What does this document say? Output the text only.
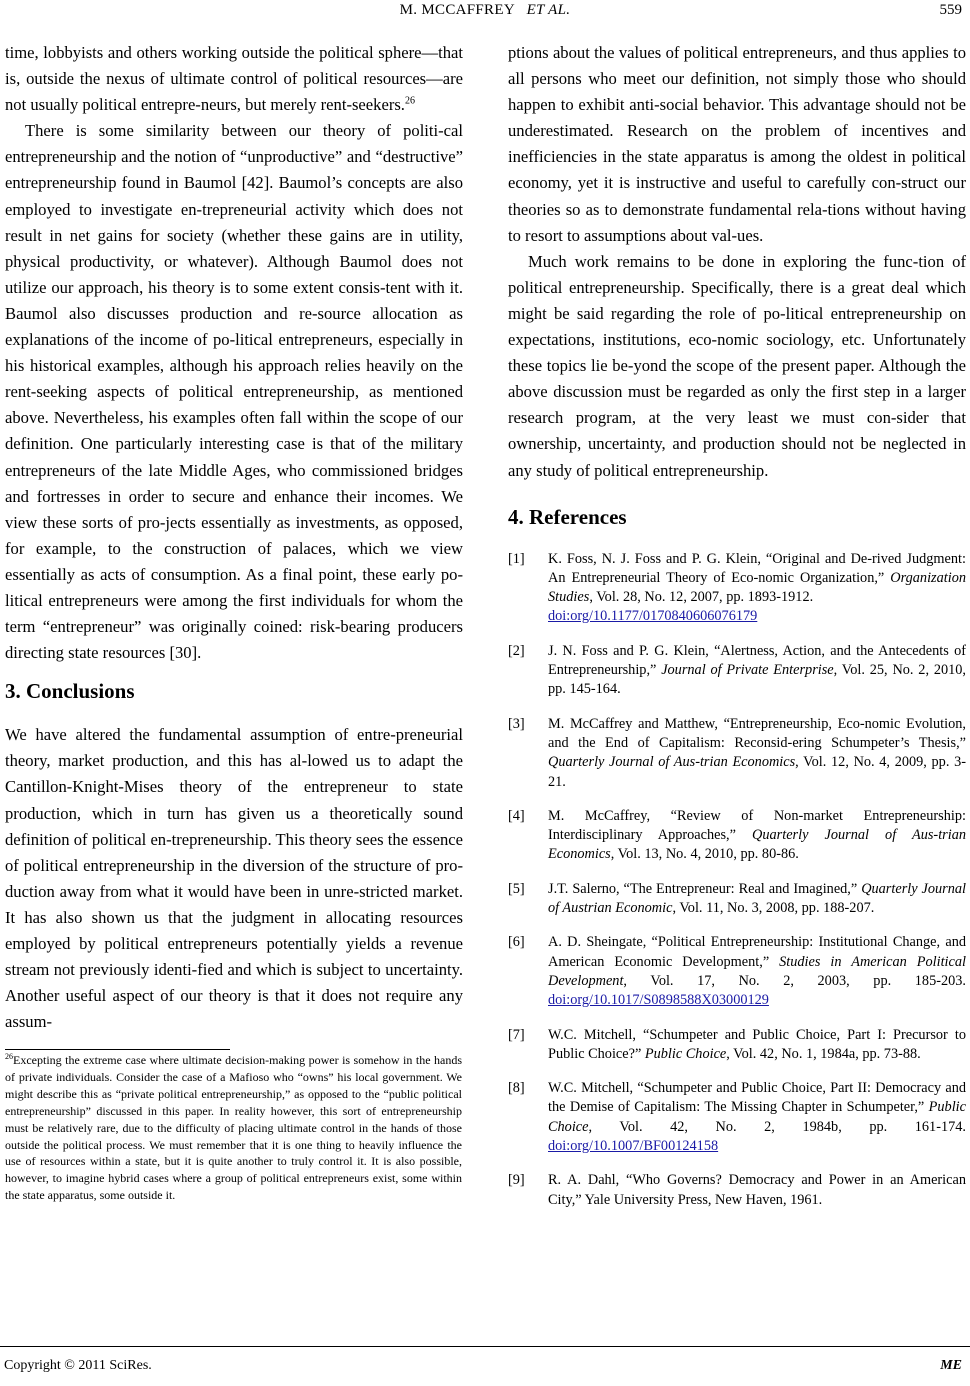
M. MCCAFFREY ET AL.	559

time, lobbyists and others working outside the political sphere—that is, outside the nexus of ultimate control of political resources—are not usually political entrepre-neurs, but merely rent-seekers.$^{26}$

There is some similarity between our theory of politi-cal entrepreneurship and the notion of “unproductive” and “destructive” entrepreneurship found in Baumol [42]. Baumol’s concepts are also employed to investigate en-trepreneurial activity which does not result in net gains for society (whether these gains are in utility, physical productivity, or whatever). Although Baumol does not utilize our approach, his theory is to some extent consis-tent with it. Baumol also discusses production and re-source allocation as explanations of the income of po-litical entrepreneurs, especially in his historical examples, although his approach relies heavily on the rent-seeking aspects of political entrepreneurship, as mentioned above. Nevertheless, his examples often fall within the scope of our definition. One particularly interesting case is that of the military entrepreneurs of the late Middle Ages, who commissioned bridges and fortresses in order to secure and enhance their incomes. We view these sorts of pro-jects essentially as investments, as opposed, for example, to the construction of palaces, which we view essentially as acts of consumption. As a final point, these early po-litical entrepreneurs were among the first individuals for whom the term “entrepreneur” was originally coined: risk-bearing producers directing state resources [30].

3. Conclusions

We have altered the fundamental assumption of entre-preneurial theory, market production, and this has al-lowed us to adapt the Cantillon-Knight-Mises theory of the entrepreneur to state production, which in turn has given us a theoretically sound definition of political en-trepreneurship. This theory sees the essence of political entrepreneurship in the diversion of the structure of pro-duction away from what it would have been in unre-stricted market. It has also shown us that the judgment in allocating resources employed by political entrepreneurs potentially yields a revenue stream not previously identi-fied and which is subject to uncertainty. Another useful aspect of our theory is that it does not require any assum-

$^{26}$Excepting the extreme case where ultimate decision-making power is somehow in the hands of private individuals. Consider the case of a Mafioso who “owns” his local government. We might describe this as “private political entrepreneurship,” as opposed to the “public political entrepreneurship” discussed in this paper. In reality however, this sort of entrepreneurship must be relatively rare, due to the difficulty of placing ultimate control in the hands of those outside the political process. We must remember that it is one thing to heavily influence the use of resources within a state, but it is quite another to truly control it. It is also possible, however, to imagine hybrid cases where a group of political entrepreneurs exist, some within the state apparatus, some outside it.

ptions about the values of political entrepreneurs, and thus applies to all persons who meet our definition, not simply those who should happen to exhibit anti-social behavior. This advantage should not be underestimated. Research on the problem of incentives and inefficiencies in the state apparatus is among the oldest in political economy, yet it is instructive and useful to carefully con-struct our theories so as to demonstrate fundamental rela-tions without having to resort to assumptions about val-ues.

Much work remains to be done in exploring the func-tion of political entrepreneurship. Specifically, there is a great deal which might be said regarding the role of po-litical entrepreneurship on expectations, institutions, eco-nomic sociology, etc. Unfortunately these topics lie be-yond the scope of the present paper. Although the above discussion must be regarded as only the first step in a larger research program, at the very least we must con-sider that ownership, uncertainty, and production should not be neglected in any study of political entrepreneurship.

4. References
[1] K. Foss, N. J. Foss and P. G. Klein, “Original and De-rived Judgment: An Entrepreneurial Theory of Eco-nomic Organization,” Organization Studies, Vol. 28, No. 12, 2007, pp. 1893-1912.
doi:org/10.1177/0170840606076179
[2] J. N. Foss and P. G. Klein, “Alertness, Action, and the Antecedents of Entrepreneurship,” Journal of Private Enterprise, Vol. 25, No. 2, 2010, pp. 145-164.
[3] M. McCaffrey and Matthew, “Entrepreneurship, Eco-nomic Evolution, and the End of Capitalism: Reconsid-ering Schumpeter’s Thesis,” Quarterly Journal of Aus-trian Economics, Vol. 12, No. 4, 2009, pp. 3-21.
[4] M. McCaffrey, “Review of Non-market Entrepreneurship: Interdisciplinary Approaches,” Quarterly Journal of Aus-trian Economics, Vol. 13, No. 4, 2010, pp. 80-86.
[5] J.T. Salerno, “The Entrepreneur: Real and Imagined,” Quarterly Journal of Austrian Economic, Vol. 11, No. 3, 2008, pp. 188-207.
[6] A. D. Sheingate, “Political Entrepreneurship: Institutional Change, and American Economic Development,” Studies in American Political Development, Vol. 17, No. 2, 2003, pp. 185-203. doi:org/10.1017/S0898588X03000129
[7] W.C. Mitchell, “Schumpeter and Public Choice, Part I: Precursor to Public Choice?” Public Choice, Vol. 42, No. 1, 1984a, pp. 73-88.
[8] W.C. Mitchell, “Schumpeter and Public Choice, Part II: Democracy and the Demise of Capitalism: The Missing Chapter in Schumpeter,” Public Choice, Vol. 42, No. 2, 1984b, pp. 161-174. doi:org/10.1007/BF00124158
[9] R. A. Dahl, “Who Governs? Democracy and Power in an American City,” Yale University Press, New Haven, 1961.
Copyright © 2011 SciRes.	ME
